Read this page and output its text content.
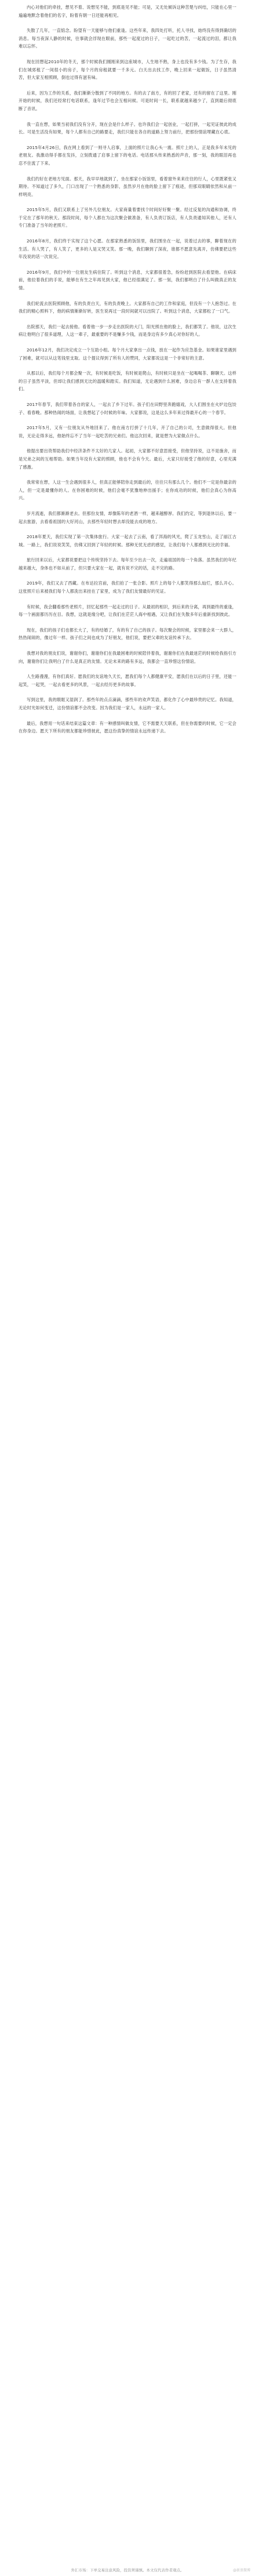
内心对他们的牵挂，想见不着、说想见不能，到底是见不能；可是，又无处倾诉这种苦楚与纠结，只能在心里一遍遍地默念着他们的名字，盼着有朝一日还能再相见。

失散了几年，一直惦念。盼望有一天能够与他们重逢。这些年来，我四处打听，托人寻找，始终没有得到确切的消息。每当夜深人静的时候，往事就会浮现在眼前，那些一起度过的日子，一起吃过的苦，一起流过的泪，都让我难以忘怀。

现在回想起2010年的冬天，那个时候我们刚刚来到这座城市，人生地不熟，身上也没有多少钱。为了生存，我们在城郊租了一间很小的房子，每个月的房租就要一千多元。白天出去找工作，晚上回来一起做饭，日子虽然清苦，但大家互相照顾，倒也过得有滋有味。

后来，因为工作的关系，我们渐渐分散到了不同的地方。有的去了南方，有的回了老家，还有的留在了这里。刚开始的时候，我们还经常打电话联系，逢年过节也会互相问候。可是时间一长，联系就越来越少了，直到最后彻底断了音讯。

我一直在想，如果当初我们没有分开，现在会是什么样子。也许我们会一起创业，一起打拼，一起见证彼此的成长。可是生活没有如果，每个人都有自己的路要走，我们只能在各自的道路上努力前行，把那份情谊埋藏在心底。

2015年4月26日，我在网上看到了一则寻人启事，上面的照片让我心头一震。照片上的人，正是我多年未见的老朋友。我激动得手都在发抖，立刻拨通了启事上留下的电话。电话那头传来熟悉的声音，那一刻，我的眼泪再也忍不住流了下来。

我们约好在老地方见面。那天，我早早地就到了，坐在那家小饭馆里，看着窗外来来往往的行人，心里既紧张又期待。不知道过了多久，门口出现了一个熟悉的身影，虽然岁月在他的脸上留下了痕迹，但那双眼睛依然和从前一样明亮。

2015年5月，我们又联系上了另外几位朋友。大家商量着要找个时间好好聚一聚。经过反复的沟通和协调，终于定在了那年的秋天。那段时间，每个人都在为这次聚会做准备，有人负责订饭店，有人负责通知其他人，还有人专门准备了当年的老照片。

2016年8月，我们终于实现了这个心愿。在那家熟悉的饭馆里，我们围坐在一起，说着过去的事，聊着现在的生活。有人哭了，有人笑了，更多的人是又哭又笑。那一晚，我们聊到了深夜，谁都不愿意先离开，仿佛要把这些年没说的话一次说完。

2016年9月，我们中的一位朋友生病住院了。听到这个消息，大家都很着急，纷纷赶到医院去看望他。在病床前，他拉着我们的手说，能够在有生之年再见到大家，他已经很满足了。那一刻，我们都明白了什么叫做真正的友情。

我们轮流去医院照顾他，有的负责白天，有的负责晚上。大家都有自己的工作和家庭，但没有一个人抱怨过。在我们的精心照料下，他的病情渐渐好转，医生说再过一段时间就可以出院了。听到这个消息，大家都松了一口气。

出院那天，我们一起去接他。看着他一步一步走出医院的大门，阳光照在他的脸上，我们都笑了。他说，这次生病让他明白了很多道理，人这一辈子，最重要的不是赚多少钱，而是身边有多少真心对你好的人。

2016年12月，我们决定成立一个互助小组。每个月大家拿出一点钱，放在一起作为应急基金。如果谁家里遇到了困难，就可以从这笔钱里支取。这个提议得到了所有人的赞同，大家都说这是一个非常好的主意。

从那以后，我们每个月都会聚一次，有时候是吃饭，有时候是爬山，有时候只是坐在一起喝喝茶、聊聊天。这样的日子虽然平淡，但却让我们感到无比的温暖和踏实。我们知道，无论遇到什么困难，身边总有一群人在支持着我们。

2017年春节，我们带着各自的家人，一起去了乡下过年。孩子们在田野里奔跑嬉戏，大人们围坐在火炉边包饺子、看春晚。那种热闹的场面，让我想起了小时候的年味。大家都说，这是这么多年来过得最开心的一个春节。

2017年5月，又有一位朋友从外地回来了。他在南方打拼了十几年，开了自己的公司，生意做得很大。但他说，无论走得多远，他始终忘不了当年一起吃苦的兄弟们。他这次回来，就是想为大家做点什么。

他提出要出资帮助我们中经济条件不太好的几家人。起初，大家都不好意思接受，但他坚持说，这不是施舍，而是兄弟之间的互相帮助。如果当年没有大家的照顾，他也不会有今天。最后，大家只好接受了他的好意，心里充满了感激。

我常常在想，人这一生会遇到很多人，但真正能够陪你走到最后的，往往只有那么几个。他们不一定是你最亲的人，但一定是最懂你的人。在你困难的时候，他们会毫不犹豫地伸出援手；在你成功的时候，他们会真心为你高兴。

岁月流逝，我们都渐渐老去。但那份友情，却像陈年的老酒一样，越来越醇厚。我们约定，等到退休以后，要一起去旅游，去看看祖国的大好河山，去那些年轻时想去却没能去成的地方。

2018年夏天，我们实现了第一次集体旅行。大家一起去了云南，看了洱海的风光，爬了玉龙雪山，走了丽江古城。一路上，我们说说笑笑，仿佛又回到了年轻的时候。那种无忧无虑的感觉，让我们每个人都感到无比的幸福。

旅行回来以后，大家都说要把这个传统坚持下去。每年至少出去一次，走遍祖国的每一个角落。虽然我们的年纪越来越大，身体也不如从前了，但只要大家在一起，就有说不完的话，走不完的路。

2019年，我们又去了西藏。在布达拉宫前，我们拍了一张合影。照片上的每个人都笑得那么灿烂，那么开心。这张照片后来被我们每个人都洗出来挂在了家里，成为了我们友情最好的见证。

有时候，我会翻看那些老照片，回忆起那些一起走过的日子。从最初的相识，到后来的分离，再到最终的重逢，每一个画面都历历在目。我想，这就是缘分吧，让我们在茫茫人海中相遇，又让我们在失散多年后重新找到彼此。

现在，我们的孩子们也都长大了，有的结婚了，有的有了自己的孩子。每次聚会的时候，家里都会来一大群人，热热闹闹的，像过年一样。孩子们之间也成为了好朋友，他们说，要把父辈的友谊传承下去。

我想对我的朋友们说，谢谢你们，谢谢你们在我最困难的时候陪伴着我，谢谢你们在我最迷茫的时候给我指引方向，谢谢你们让我明白了什么是真正的友情。无论未来的路有多远，我都会一直珍惜这份情谊。

人生路漫漫，有你们真好。愿我们的友谊地久天长，愿我们每个人都健康平安，愿我们在以后的日子里，还能一起笑，一起哭，一起去看更多的风景，一起去经历更多的故事。

写到这里，我的眼眶又湿润了。那些年的点点滴滴，那些年的欢声笑语，都化作了心中最珍贵的记忆。我知道，无论时光如何变迁，这份情谊都不会改变。因为我们是一家人，永远的一家人。

最后，我想用一句话来结束这篇文章：有一种感情叫做友情，它不需要天天联系，但在你需要的时候，它一定会在你身边。愿天下所有的朋友都能珍惜彼此，愿这份真挚的情谊永远传递下去。

外汇市场：下单交易注意风险，投资须谨慎。本文仅代表作者观点。	@新浪微博
